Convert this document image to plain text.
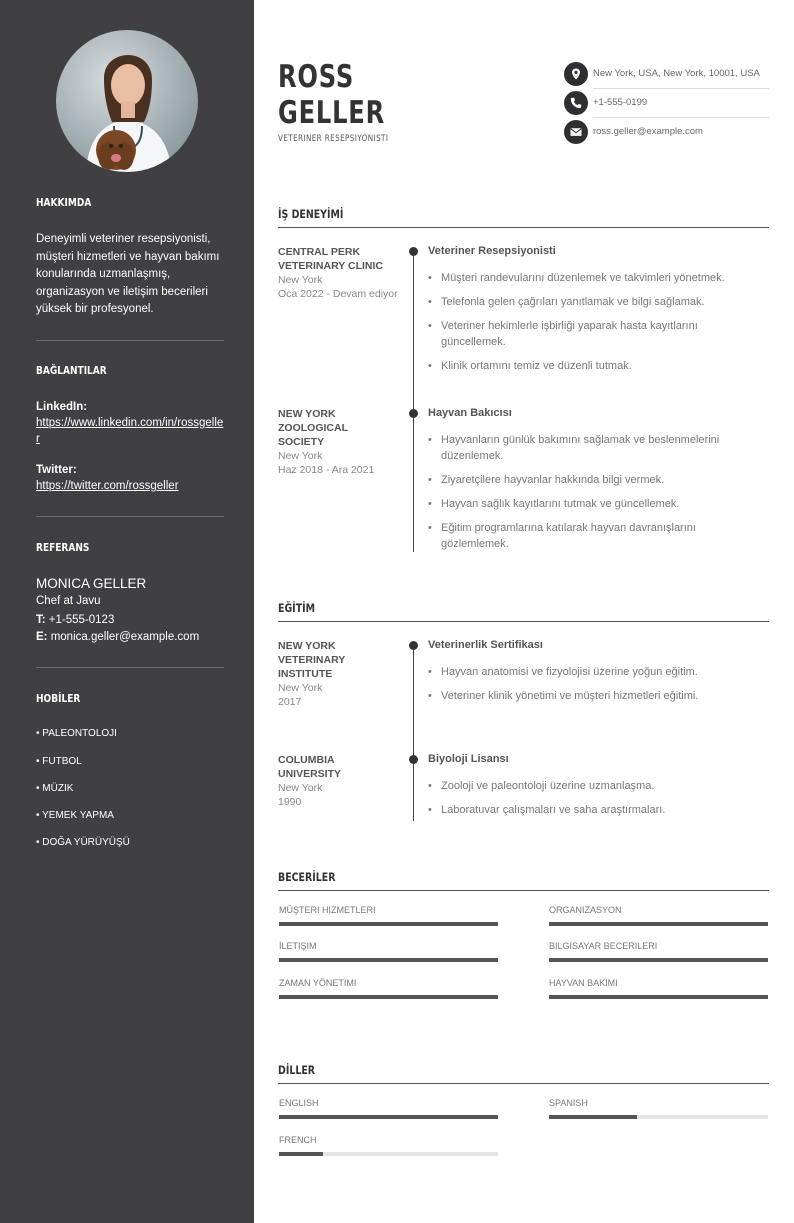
HAKKIMDA
Deneyimli veteriner resepsiyonisti, müşteri hizmetleri ve hayvan bakımı konularında uzmanlaşmış, organizasyon ve iletişim becerileri yüksek bir profesyonel.
BAĞLANTILAR
LinkedIn:
https://www.linkedin.com/in/rossgeller
Twitter:
https://twitter.com/rossgeller
REFERANS
MONICA GELLER
Chef at Javu
T: +1-555-0123
E: monica.geller@example.com
HOBİLER
• PALEONTOLOJI
• FUTBOL
• MÜZIK
• YEMEK YAPMA
• DOĞA YÜRÜYÜŞÜ
ROSS
GELLER
VETERINER RESEPSIYONISTI
New York, USA, New York, 10001, USA
+1-555-0199
ross.geller@example.com
İŞ DENEYİMİ
CENTRAL PERK VETERINARY CLINIC
New York
Oca 2022 - Devam ediyor
Veteriner Resepsiyonisti
• Müşteri randevularını düzenlemek ve takvimleri yönetmek.
• Telefonla gelen çağrıları yanıtlamak ve bilgi sağlamak.
• Veteriner hekimlerle işbirliği yaparak hasta kayıtlarını güncellemek.
• Klinik ortamını temiz ve düzenli tutmak.
NEW YORK ZOOLOGICAL SOCIETY
New York
Haz 2018 - Ara 2021
Hayvan Bakıcısı
• Hayvanların günlük bakımını sağlamak ve beslenmelerini düzenlemek.
• Ziyaretçilere hayvanlar hakkında bilgi vermek.
• Hayvan sağlık kayıtlarını tutmak ve güncellemek.
• Eğitim programlarına katılarak hayvan davranışlarını gözlemlemek.
EĞİTİM
NEW YORK VETERINARY INSTITUTE
New York
2017
Veterinerlik Sertifikası
• Hayvan anatomisi ve fizyolojisi üzerine yoğun eğitim.
• Veteriner klinik yönetimi ve müşteri hizmetleri eğitimi.
COLUMBIA UNIVERSITY
New York
1990
Biyoloji Lisansı
• Zooloji ve paleontoloji üzerine uzmanlaşma.
• Laboratuvar çalışmaları ve saha araştırmaları.
BECERİLER
MÜŞTERI HIZMETLERI	ORGANIZASYON
İLETIŞIM	BILGISAYAR BECERILERI
ZAMAN YÖNETIMI	HAYVAN BAKIMI
DİLLER
ENGLISH	SPANISH
FRENCH
